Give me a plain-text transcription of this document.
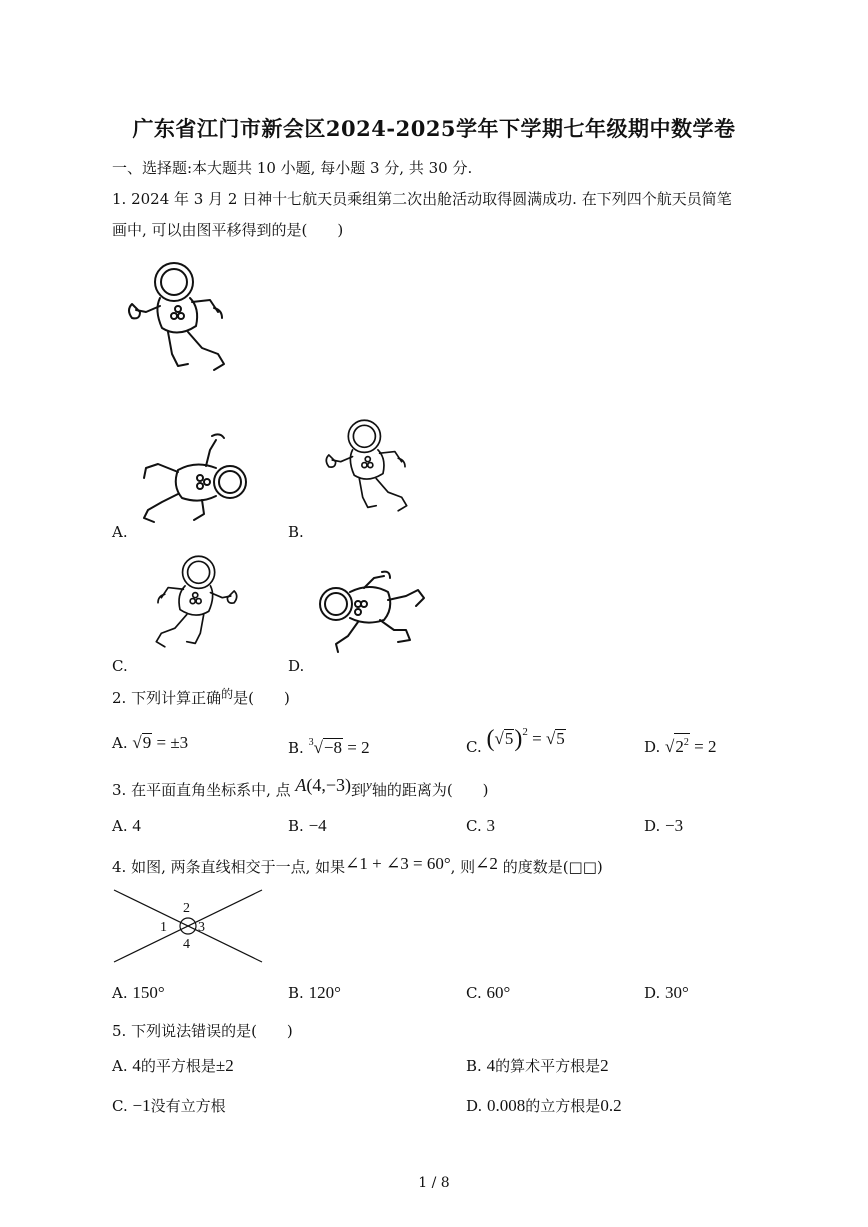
广东省江门市新会区2024-2025学年下学期七年级期中数学卷
一、选择题:本大题共 10 小题, 每小题 3 分, 共 30 分.
1. 2024 年 3 月 2 日神十七航天员乘组第二次出舱活动取得圆满成功. 在下列四个航天员简笔
画中, 可以由图平移得到的是(　　)
A.	B.
C.	D.
2. 下列计算正确$^的$是(　　)
A. √9 = ±3	B. $^3$√−8 = 2	C. $(√5)^2 = √5$	D. $√2^2 = 2$
3. 在平面直角坐标系中, 点 A(4,−3)到y轴的距离为(　　)
A. 4	B. −4	C. 3	D. −3
4. 如图, 两条直线相交于一点, 如果∠1 + ∠3 = 60°, 则∠2 的度数是(□□)
1
2
3
4
A. 150°	B. 120°	C. 60°	D. 30°
5. 下列说法错误的是(　　)
A. 4的平方根是±2	B. 4的算术平方根是2
C. −1没有立方根	D. 0.008的立方根是0.2
1 / 8
